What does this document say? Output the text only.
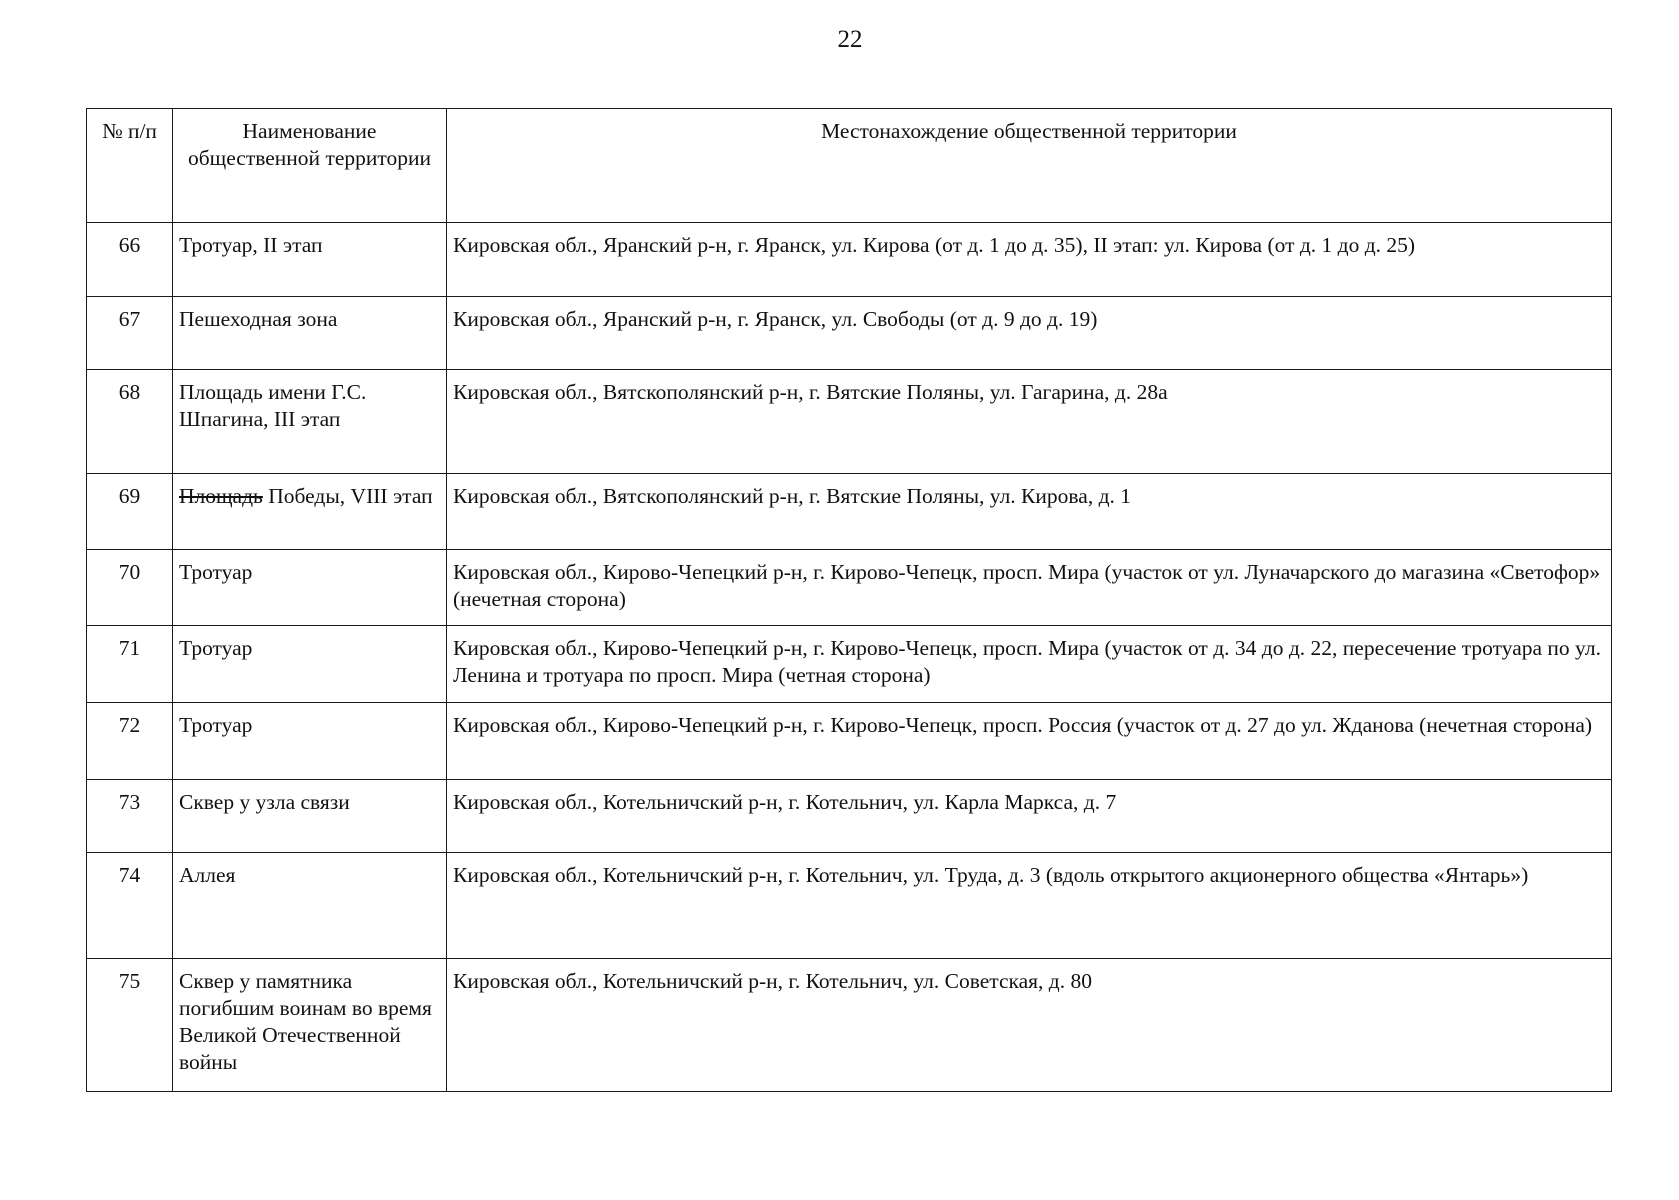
22
№ п/п	Наименование общественной территории	Местонахождение общественной территории
66	Тротуар, II этап	Кировская обл., Яранский р-н, г. Яранск, ул. Кирова (от д. 1 до д. 35), II этап: ул. Кирова (от д. 1 до д. 25)
67	Пешеходная зона	Кировская обл., Яранский р-н, г. Яранск, ул. Свободы (от д. 9 до д. 19)
68	Площадь имени Г.С. Шпагина, III этап	Кировская обл., Вятскополянский р-н, г. Вятские Поляны, ул. Гагарина, д. 28а
69	Площадь Победы, VIII этап	Кировская обл., Вятскополянский р-н, г. Вятские Поляны, ул. Кирова, д. 1
70	Тротуар	Кировская обл., Кирово-Чепецкий р-н, г. Кирово-Чепецк, просп. Мира (участок от ул. Луначарского до магазина «Светофор» (нечетная сторона)
71	Тротуар	Кировская обл., Кирово-Чепецкий р-н, г. Кирово-Чепецк, просп. Мира (участок от д. 34 до д. 22, пересечение тротуара по ул. Ленина и тротуара по просп. Мира (четная сторона)
72	Тротуар	Кировская обл., Кирово-Чепецкий р-н, г. Кирово-Чепецк, просп. Россия (участок от д. 27 до ул. Жданова (нечетная сторона)
73	Сквер у узла связи	Кировская обл., Котельничский р-н, г. Котельнич, ул. Карла Маркса, д. 7
74	Аллея	Кировская обл., Котельничский р-н, г. Котельнич, ул. Труда, д. 3 (вдоль открытого акционерного общества «Янтарь»)
75	Сквер у памятника погибшим воинам во время Великой Отечественной войны	Кировская обл., Котельничский р-н, г. Котельнич, ул. Советская, д. 80
